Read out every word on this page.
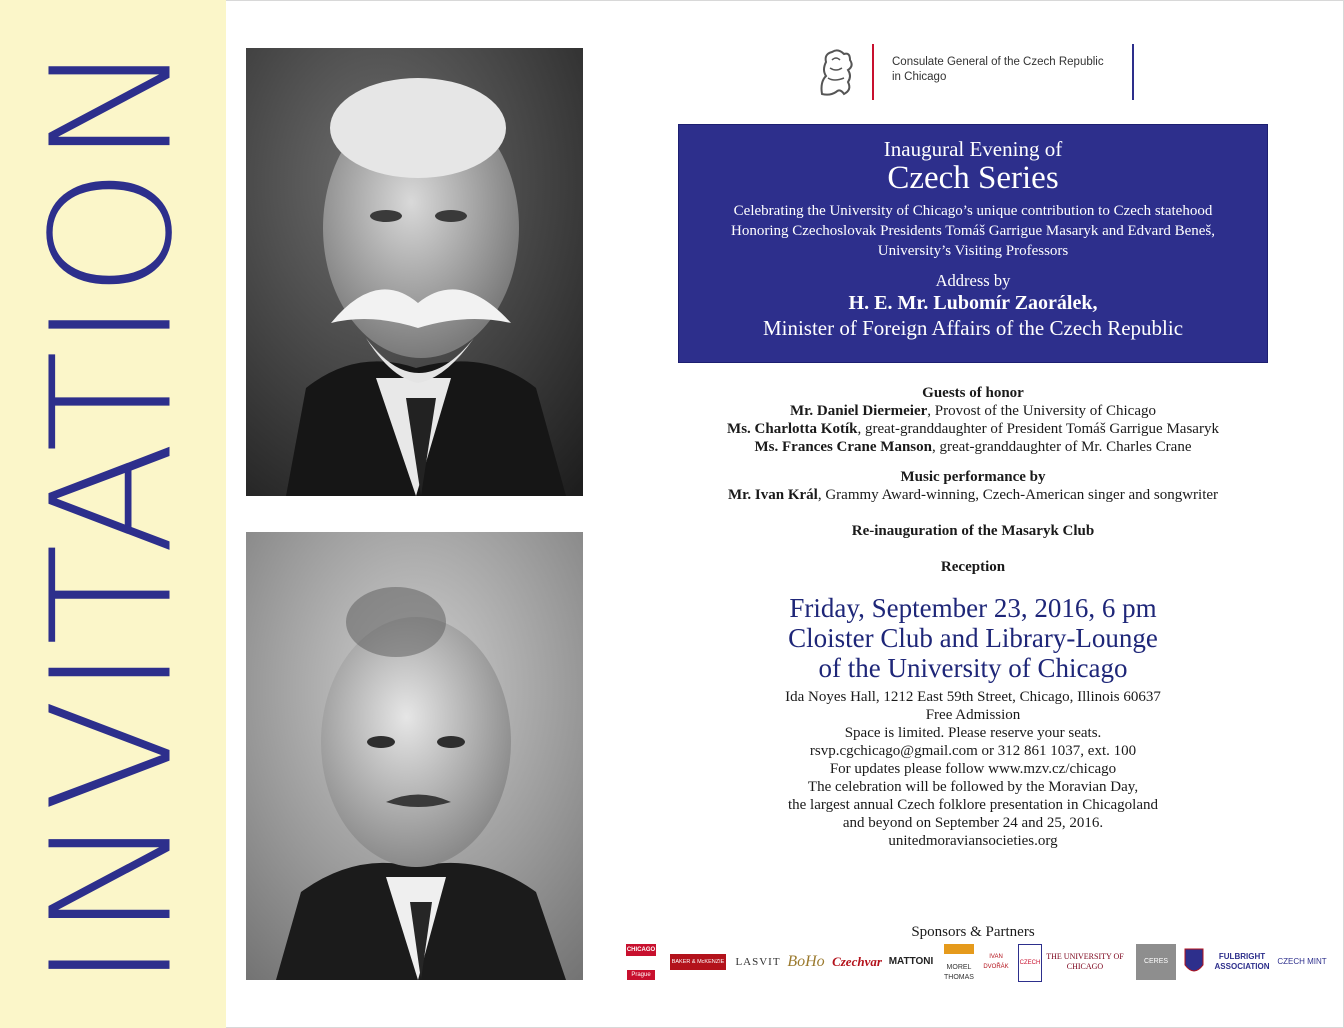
INVITATION	Consulate General of the Czech Republic
in Chicago
Inaugural Evening of
Czech Series
Celebrating the University of Chicago’s unique contribution to Czech statehood
Honoring Czechoslovak Presidents Tomáš Garrigue Masaryk and Edvard Beneš,
University’s Visiting Professors
Address by
H. E. Mr. Lubomír Zaorálek,
Minister of Foreign Affairs of the Czech Republic
Guests of honor
Mr. Daniel Diermeier, Provost of the University of Chicago
Ms. Charlotta Kotík, great-granddaughter of President Tomáš Garrigue Masaryk
Ms. Frances Crane Manson, great-granddaughter of Mr. Charles Crane
Music performance by
Mr. Ivan Král, Grammy Award-winning, Czech-American singer and songwriter
Re-inauguration of the Masaryk Club
Reception
Friday, September 23, 2016, 6 pm
Cloister Club and Library-Lounge
of the University of Chicago
Ida Noyes Hall, 1212 East 59th Street, Chicago, Illinois 60637
Free Admission
Space is limited. Please reserve your seats.
rsvp.cgchicago@gmail.com or 312 861 1037, ext. 100
For updates please follow www.mzv.cz/chicago
The celebration will be followed by the Moravian Day,
the largest annual Czech folklore presentation in Chicagoland
and beyond on September 24 and 25, 2016.
unitedmoraviansocieties.org
Sponsors & Partners
CHICAGO
Prague
BAKER & McKENZIE LASVIT BoHo Czechvar MATTONI
MOREL THOMAS
IVAN DVOŘÁK
CZECH
THE UNIVERSITY OF CHICAGO
CERES
FULBRIGHT ASSOCIATION
CZECH MINT
